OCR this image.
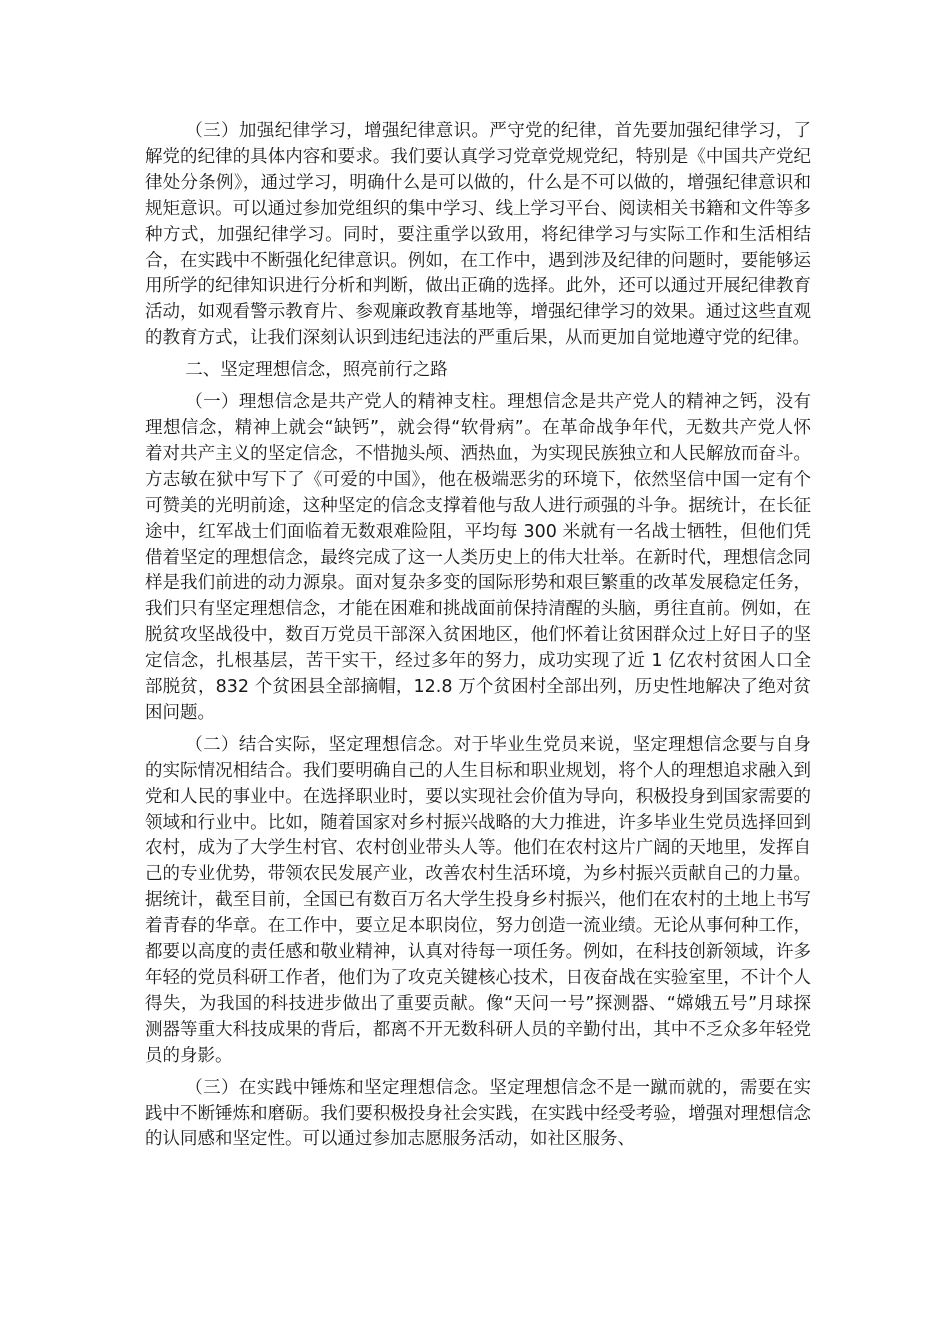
（三）加强纪律学习，增强纪律意识。严守党的纪律，首先要加强纪律学习，了解党的纪律的具体内容和要求。我们要认真学习党章党规党纪，特别是《中国共产党纪律处分条例》，通过学习，明确什么是可以做的，什么是不可以做的，增强纪律意识和规矩意识。可以通过参加党组织的集中学习、线上学习平台、阅读相关书籍和文件等多种方式，加强纪律学习。同时，要注重学以致用，将纪律学习与实际工作和生活相结合，在实践中不断强化纪律意识。例如，在工作中，遇到涉及纪律的问题时，要能够运用所学的纪律知识进行分析和判断，做出正确的选择。此外，还可以通过开展纪律教育活动，如观看警示教育片、参观廉政教育基地等，增强纪律学习的效果。通过这些直观的教育方式，让我们深刻认识到违纪违法的严重后果，从而更加自觉地遵守党的纪律。

二、坚定理想信念，照亮前行之路

（一）理想信念是共产党人的精神支柱。理想信念是共产党人的精神之钙，没有理想信念，精神上就会“缺钙”，就会得“软骨病”。在革命战争年代，无数共产党人怀着对共产主义的坚定信念，不惜抛头颅、洒热血，为实现民族独立和人民解放而奋斗。方志敏在狱中写下了《可爱的中国》，他在极端恶劣的环境下，依然坚信中国一定有个可赞美的光明前途，这种坚定的信念支撑着他与敌人进行顽强的斗争。据统计，在长征途中，红军战士们面临着无数艰难险阻，平均每 300 米就有一名战士牺牲，但他们凭借着坚定的理想信念，最终完成了这一人类历史上的伟大壮举。在新时代，理想信念同样是我们前进的动力源泉。面对复杂多变的国际形势和艰巨繁重的改革发展稳定任务，我们只有坚定理想信念，才能在困难和挑战面前保持清醒的头脑，勇往直前。例如，在脱贫攻坚战役中，数百万党员干部深入贫困地区，他们怀着让贫困群众过上好日子的坚定信念，扎根基层，苦干实干，经过多年的努力，成功实现了近 1 亿农村贫困人口全部脱贫，832 个贫困县全部摘帽，12.8 万个贫困村全部出列，历史性地解决了绝对贫困问题。

（二）结合实际，坚定理想信念。对于毕业生党员来说，坚定理想信念要与自身的实际情况相结合。我们要明确自己的人生目标和职业规划，将个人的理想追求融入到党和人民的事业中。在选择职业时，要以实现社会价值为导向，积极投身到国家需要的领域和行业中。比如，随着国家对乡村振兴战略的大力推进，许多毕业生党员选择回到农村，成为了大学生村官、农村创业带头人等。他们在农村这片广阔的天地里，发挥自己的专业优势，带领农民发展产业，改善农村生活环境，为乡村振兴贡献自己的力量。据统计，截至目前，全国已有数百万名大学生投身乡村振兴，他们在农村的土地上书写着青春的华章。在工作中，要立足本职岗位，努力创造一流业绩。无论从事何种工作，都要以高度的责任感和敬业精神，认真对待每一项任务。例如，在科技创新领域，许多年轻的党员科研工作者，他们为了攻克关键核心技术，日夜奋战在实验室里，不计个人得失，为我国的科技进步做出了重要贡献。像“天问一号”探测器、“嫦娥五号”月球探测器等重大科技成果的背后，都离不开无数科研人员的辛勤付出，其中不乏众多年轻党员的身影。

（三）在实践中锤炼和坚定理想信念。坚定理想信念不是一蹴而就的，需要在实践中不断锤炼和磨砺。我们要积极投身社会实践，在实践中经受考验，增强对理想信念的认同感和坚定性。可以通过参加志愿服务活动，如社区服务、
